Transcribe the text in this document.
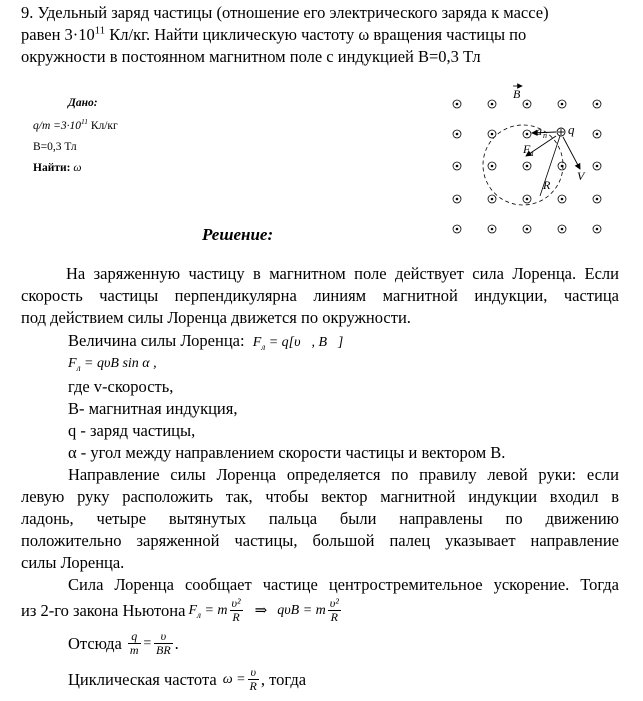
9. Удельный заряд частицы (отношение его электрического заряда к массе)
равен $3\cdot 10^{11}$ Кл/кг. Найти циклическую частоту ω вращения частицы по
окружности в постоянном магнитном поле с индукцией B=0,3 Тл
Дано:
$q/m =3\cdot 10^{11}$ Кл/кг
B=0,3 Тл
Найти: ω
B
q
a n
F л
V
R
Решение:
На заряженную частицу в магнитном поле действует сила Лоренца. Если
скорость частицы перпендикулярна линиям магнитной индукции, частица
под действием силы Лоренца движется по окружности.
Величина силы Лоренца: $F_л$ = q[υ⃗, B⃗]
$F_л = q\upsilon B$ sin α ,
где v-скорость,
B- магнитная индукция,
q - заряд частицы,
α - угол между направлением скорости частицы и вектором B.
Направление силы Лоренца определяется по правилу левой руки: если
левую руку расположить так, чтобы вектор магнитной индукции входил в
ладонь, четыре вытянутых пальца были направлены по движению
положительно заряженной частицы, большой палец указывает направление
силы Лоренца.
Сила Лоренца сообщает частице центростремительное ускорение. Тогда
из 2-го закона Ньютона $F_л = m \frac{\text{υ²}}{R}$ ⇒ qυB = m $\frac{\text{υ²}}{R}$
Отсюда $\frac{q}{m} = \frac{\upsilon}{BR}$ .
Циклическая частота $\omega = \frac{\upsilon}{R}$ , тогда
